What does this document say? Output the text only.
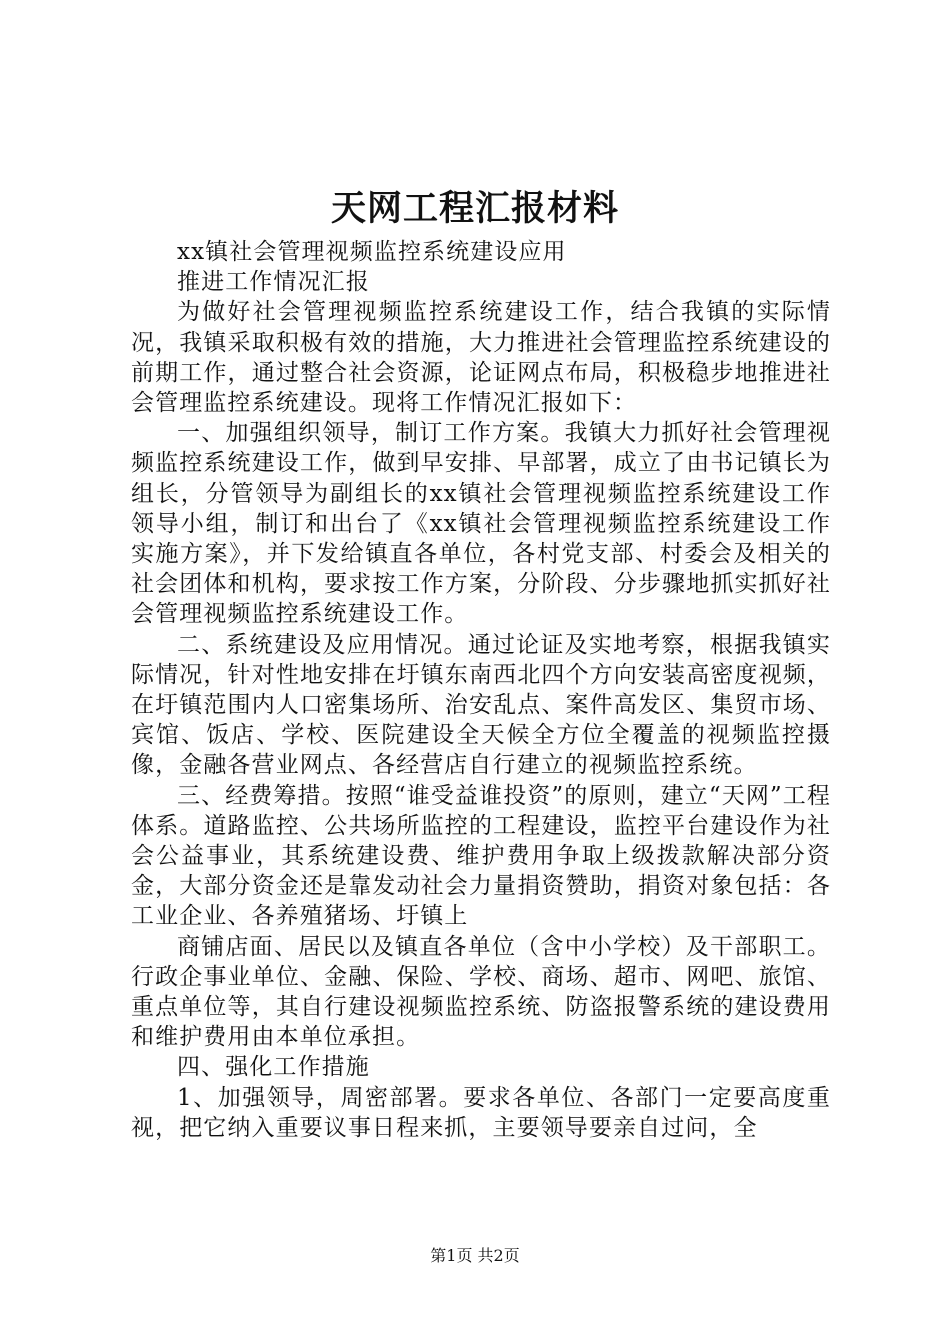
天网工程汇报材料

xx镇社会管理视频监控系统建设应用

推进工作情况汇报

为做好社会管理视频监控系统建设工作，结合我镇的实际情况，我镇采取积极有效的措施，大力推进社会管理监控系统建设的前期工作，通过整合社会资源，论证网点布局，积极稳步地推进社会管理监控系统建设。现将工作情况汇报如下：

一、加强组织领导，制订工作方案。我镇大力抓好社会管理视频监控系统建设工作，做到早安排、早部署，成立了由书记镇长为组长，分管领导为副组长的xx镇社会管理视频监控系统建设工作领导小组，制订和出台了《xx镇社会管理视频监控系统建设工作实施方案》，并下发给镇直各单位，各村党支部、村委会及相关的社会团体和机构，要求按工作方案，分阶段、分步骤地抓实抓好社会管理视频监控系统建设工作。

二、系统建设及应用情况。通过论证及实地考察，根据我镇实际情况，针对性地安排在圩镇东南西北四个方向安装高密度视频，在圩镇范围内人口密集场所、治安乱点、案件高发区、集贸市场、宾馆、饭店、学校、医院建设全天候全方位全覆盖的视频监控摄像，金融各营业网点、各经营店自行建立的视频监控系统。

三、经费筹措。按照“谁受益谁投资”的原则，建立“天网”工程体系。道路监控、公共场所监控的工程建设，监控平台建设作为社会公益事业，其系统建设费、维护费用争取上级拨款解决部分资金，大部分资金还是靠发动社会力量捐资赞助，捐资对象包括：各工业企业、各养殖猪场、圩镇上

商铺店面、居民以及镇直各单位（含中小学校）及干部职工。行政企事业单位、金融、保险、学校、商场、超市、网吧、旅馆、重点单位等，其自行建设视频监控系统、防盗报警系统的建设费用和维护费用由本单位承担。

四、强化工作措施

1、加强领导，周密部署。要求各单位、各部门一定要高度重视，把它纳入重要议事日程来抓，主要领导要亲自过问，全

第1页 共2页
